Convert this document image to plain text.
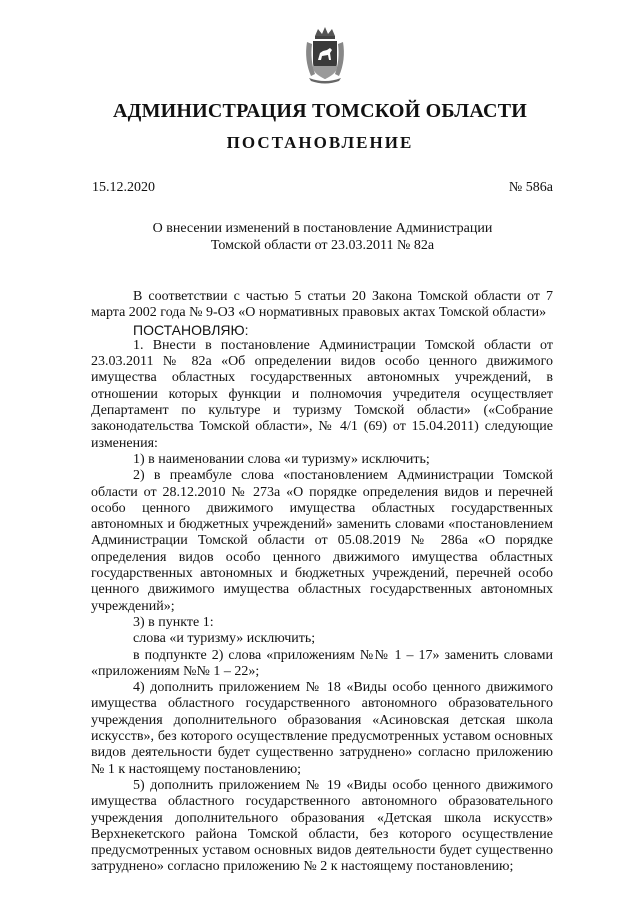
АДМИНИСТРАЦИЯ ТОМСКОЙ ОБЛАСТИ
ПОСТАНОВЛЕНИЕ
15.12.2020	№ 586а
О внесении изменений в постановление Администрации
Томской области от 23.03.2011 № 82а

В соответствии с частью 5 статьи 20 Закона Томской области от 7 марта 2002 года № 9-ОЗ «О нормативных правовых актах Томской области»

ПОСТАНОВЛЯЮ:

1. Внести в постановление Администрации Томской области от 23.03.2011 № 82а «Об определении видов особо ценного движимого имущества областных государственных автономных учреждений, в отношении которых функции и полномочия учредителя осуществляет Департамент по культуре и туризму Томской области» («Собрание законодательства Томской области», № 4/1 (69) от 15.04.2011) следующие изменения:

1) в наименовании слова «и туризму» исключить;

2) в преамбуле слова «постановлением Администрации Томской области от 28.12.2010 № 273а «О порядке определения видов и перечней особо ценного движимого имущества областных государственных автономных и бюджетных учреждений» заменить словами «постановлением Администрации Томской области от 05.08.2019 № 286а «О порядке определения видов особо ценного движимого имущества областных государственных автономных и бюджетных учреждений, перечней особо ценного движимого имущества областных государственных автономных учреждений»;

3) в пункте 1:

слова «и туризму» исключить;

в подпункте 2) слова «приложениям №№ 1 – 17» заменить словами «приложениям №№ 1 – 22»;

4) дополнить приложением № 18 «Виды особо ценного движимого имущества областного государственного автономного образовательного учреждения дополнительного образования «Асиновская детская школа искусств», без которого осуществление предусмотренных уставом основных видов деятельности будет существенно затруднено» согласно приложению № 1 к настоящему постановлению;

5) дополнить приложением № 19 «Виды особо ценного движимого имущества областного государственного автономного образовательного учреждения дополнительного образования «Детская школа искусств» Верхнекетского района Томской области, без которого осуществление предусмотренных уставом основных видов деятельности будет существенно затруднено» согласно приложению № 2 к настоящему постановлению;
